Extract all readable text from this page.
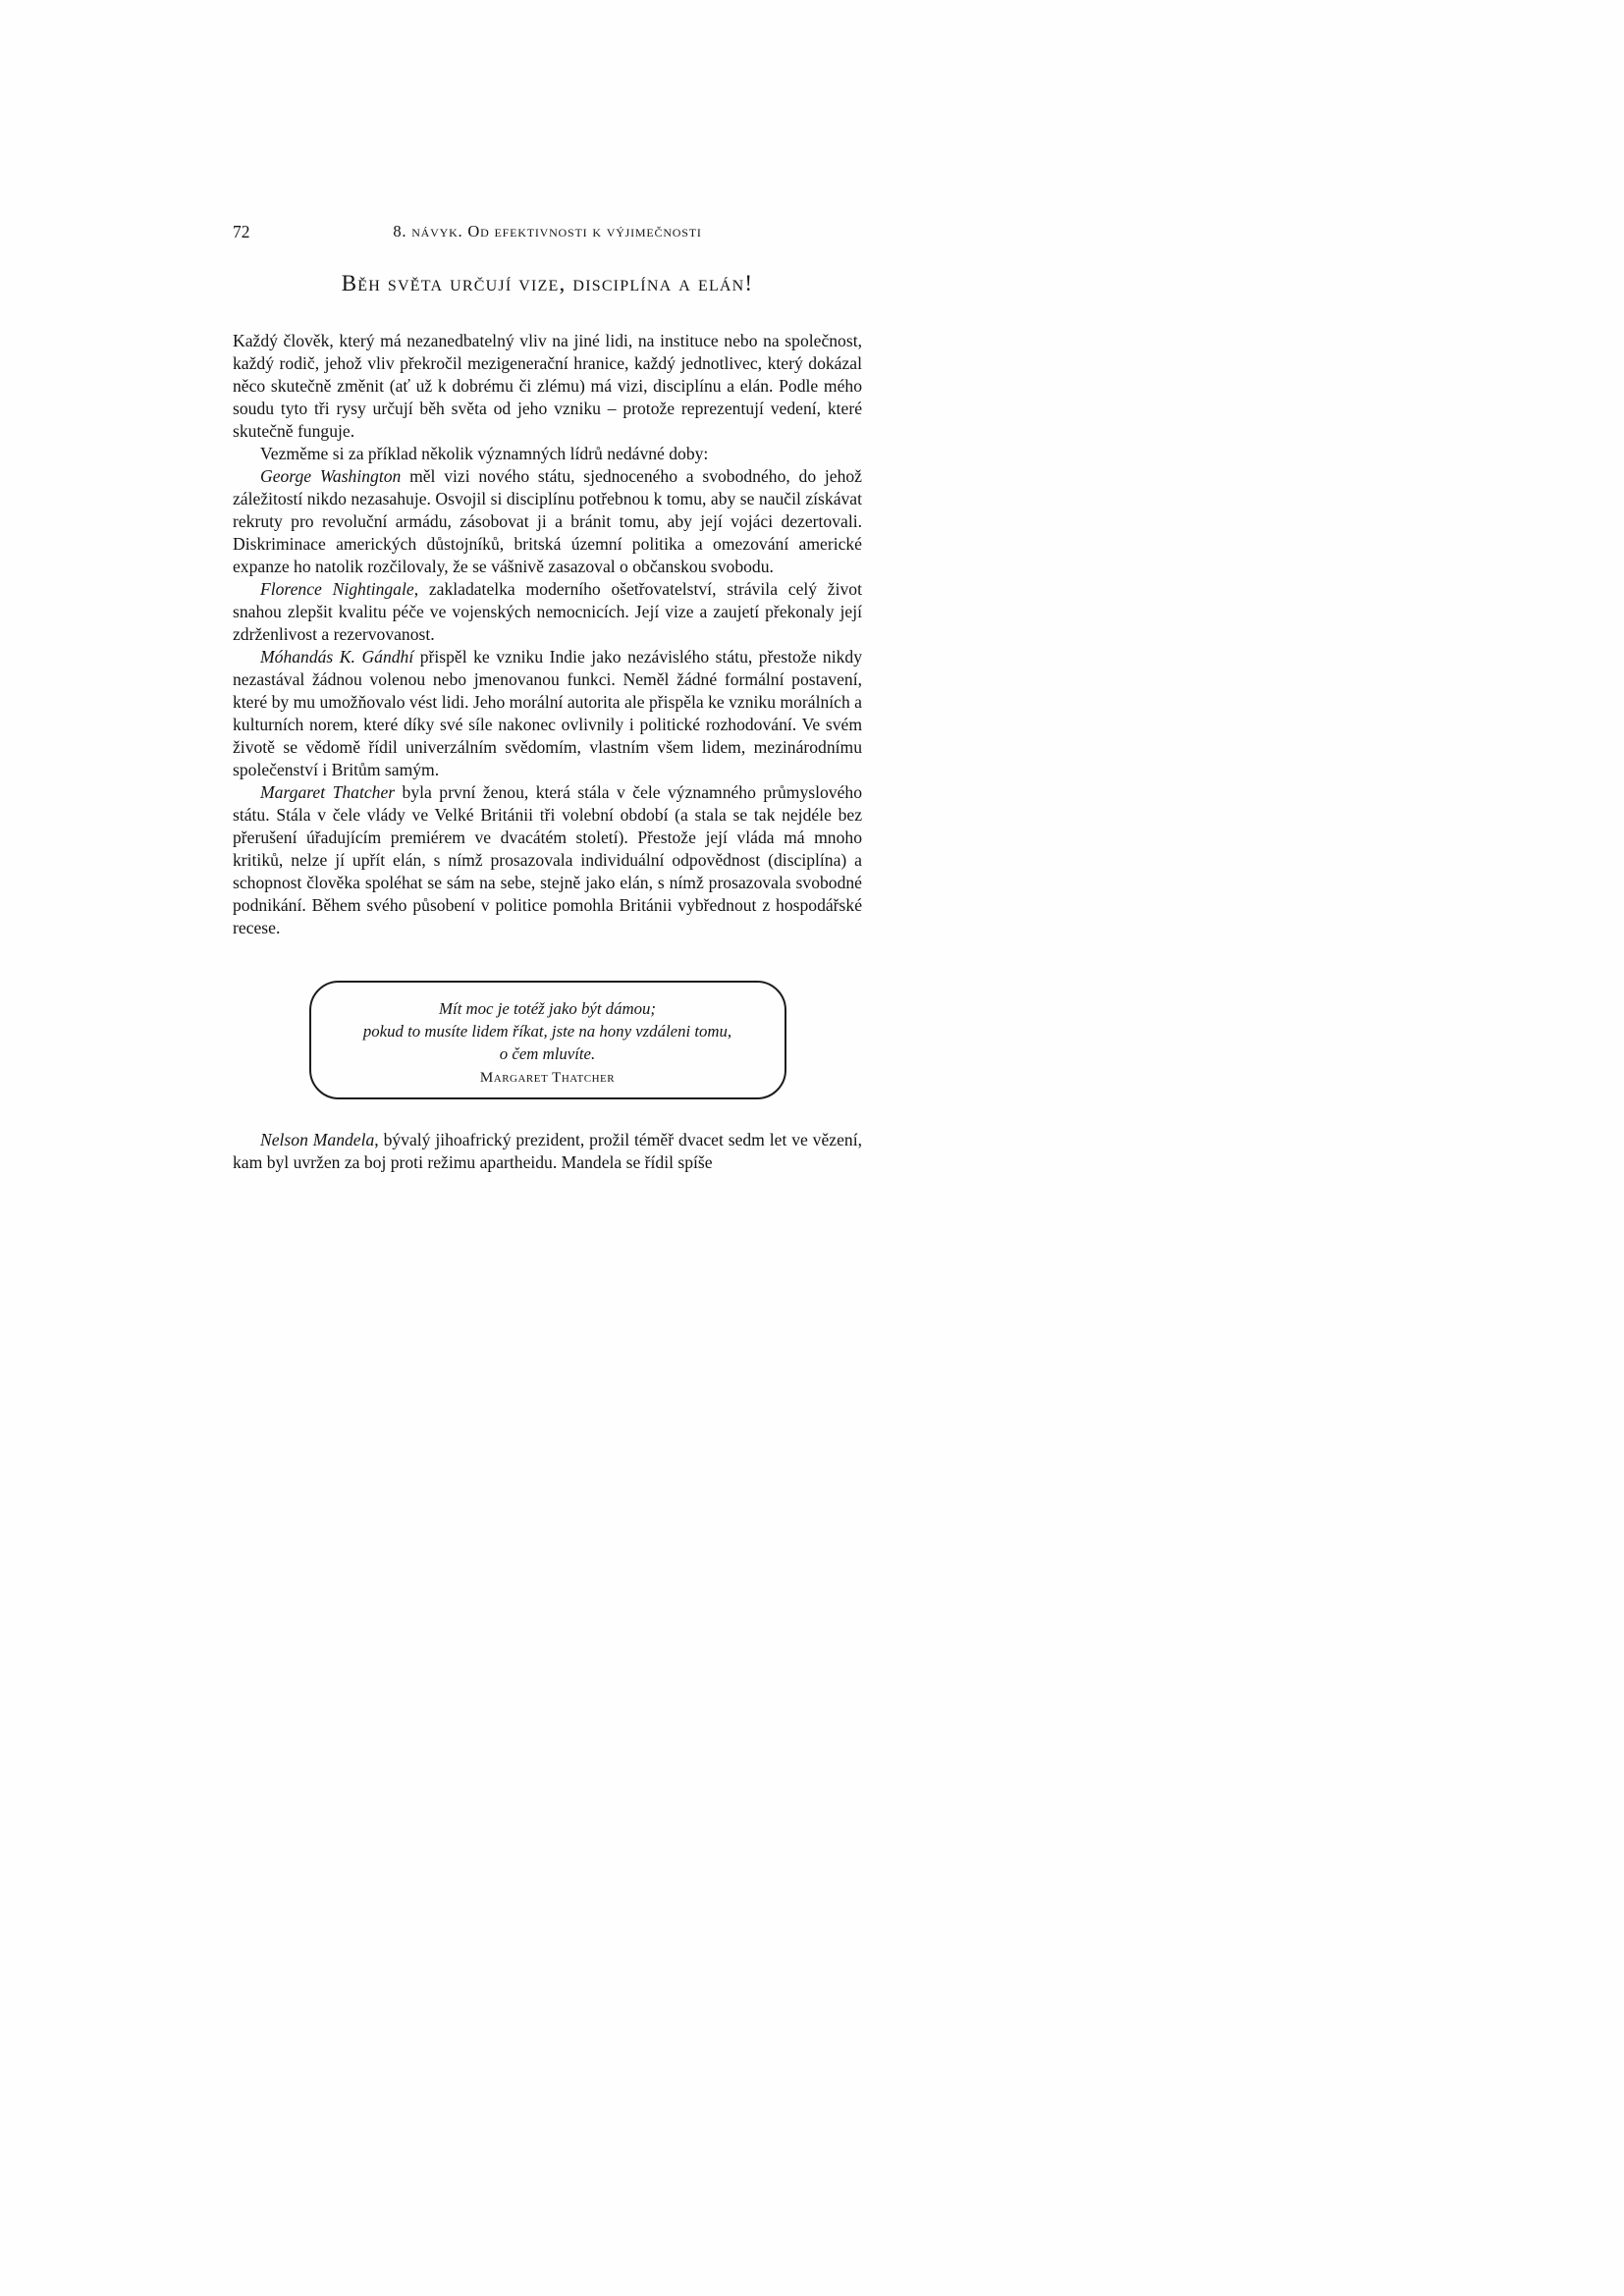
72	8. návyk. Od efektivnosti k výjimečnosti
Běh světa určují vize, disciplína a elán!

Každý člověk, který má nezanedbatelný vliv na jiné lidi, na instituce nebo na společnost, každý rodič, jehož vliv překročil mezigenerační hranice, každý jednotlivec, který dokázal něco skutečně změnit (ať už k dobrému či zlému) má vizi, disciplínu a elán. Podle mého soudu tyto tři rysy určují běh světa od jeho vzniku – protože reprezentují vedení, které skutečně funguje.

Vezměme si za příklad několik významných lídrů nedávné doby:

George Washington měl vizi nového státu, sjednoceného a svobodného, do jehož záležitostí nikdo nezasahuje. Osvojil si disciplínu potřebnou k tomu, aby se naučil získávat rekruty pro revoluční armádu, zásobovat ji a bránit tomu, aby její vojáci dezertovali. Diskriminace amerických důstojníků, britská územní politika a omezování americké expanze ho natolik rozčilovaly, že se vášnivě zasazoval o občanskou svobodu.

Florence Nightingale, zakladatelka moderního ošetřovatelství, strávila celý život snahou zlepšit kvalitu péče ve vojenských nemocnicích. Její vize a zaujetí překonaly její zdrženlivost a rezervovanost.

Móhandás K. Gándhí přispěl ke vzniku Indie jako nezávislého státu, přestože nikdy nezastával žádnou volenou nebo jmenovanou funkci. Neměl žádné formální postavení, které by mu umožňovalo vést lidi. Jeho morální autorita ale přispěla ke vzniku morálních a kulturních norem, které díky své síle nakonec ovlivnily i politické rozhodování. Ve svém životě se vědomě řídil univerzálním svědomím, vlastním všem lidem, mezinárodnímu společenství i Britům samým.

Margaret Thatcher byla první ženou, která stála v čele významného průmyslového státu. Stála v čele vlády ve Velké Británii tři volební období (a stala se tak nejdéle bez přerušení úřadujícím premiérem ve dvacátém století). Přestože její vláda má mnoho kritiků, nelze jí upřít elán, s nímž prosazovala individuální odpovědnost (disciplína) a schopnost člověka spoléhat se sám na sebe, stejně jako elán, s nímž prosazovala svobodné podnikání. Během svého působení v politice pomohla Británii vybřednout z hospodářské recese.

Mít moc je totéž jako být dámou;

pokud to musíte lidem říkat, jste na hony vzdáleni tomu,

o čem mluvíte.

Margaret Thatcher

Nelson Mandela, bývalý jihoafrický prezident, prožil téměř dvacet sedm let ve vězení, kam byl uvržen za boj proti režimu apartheidu. Mandela se řídil spíše
